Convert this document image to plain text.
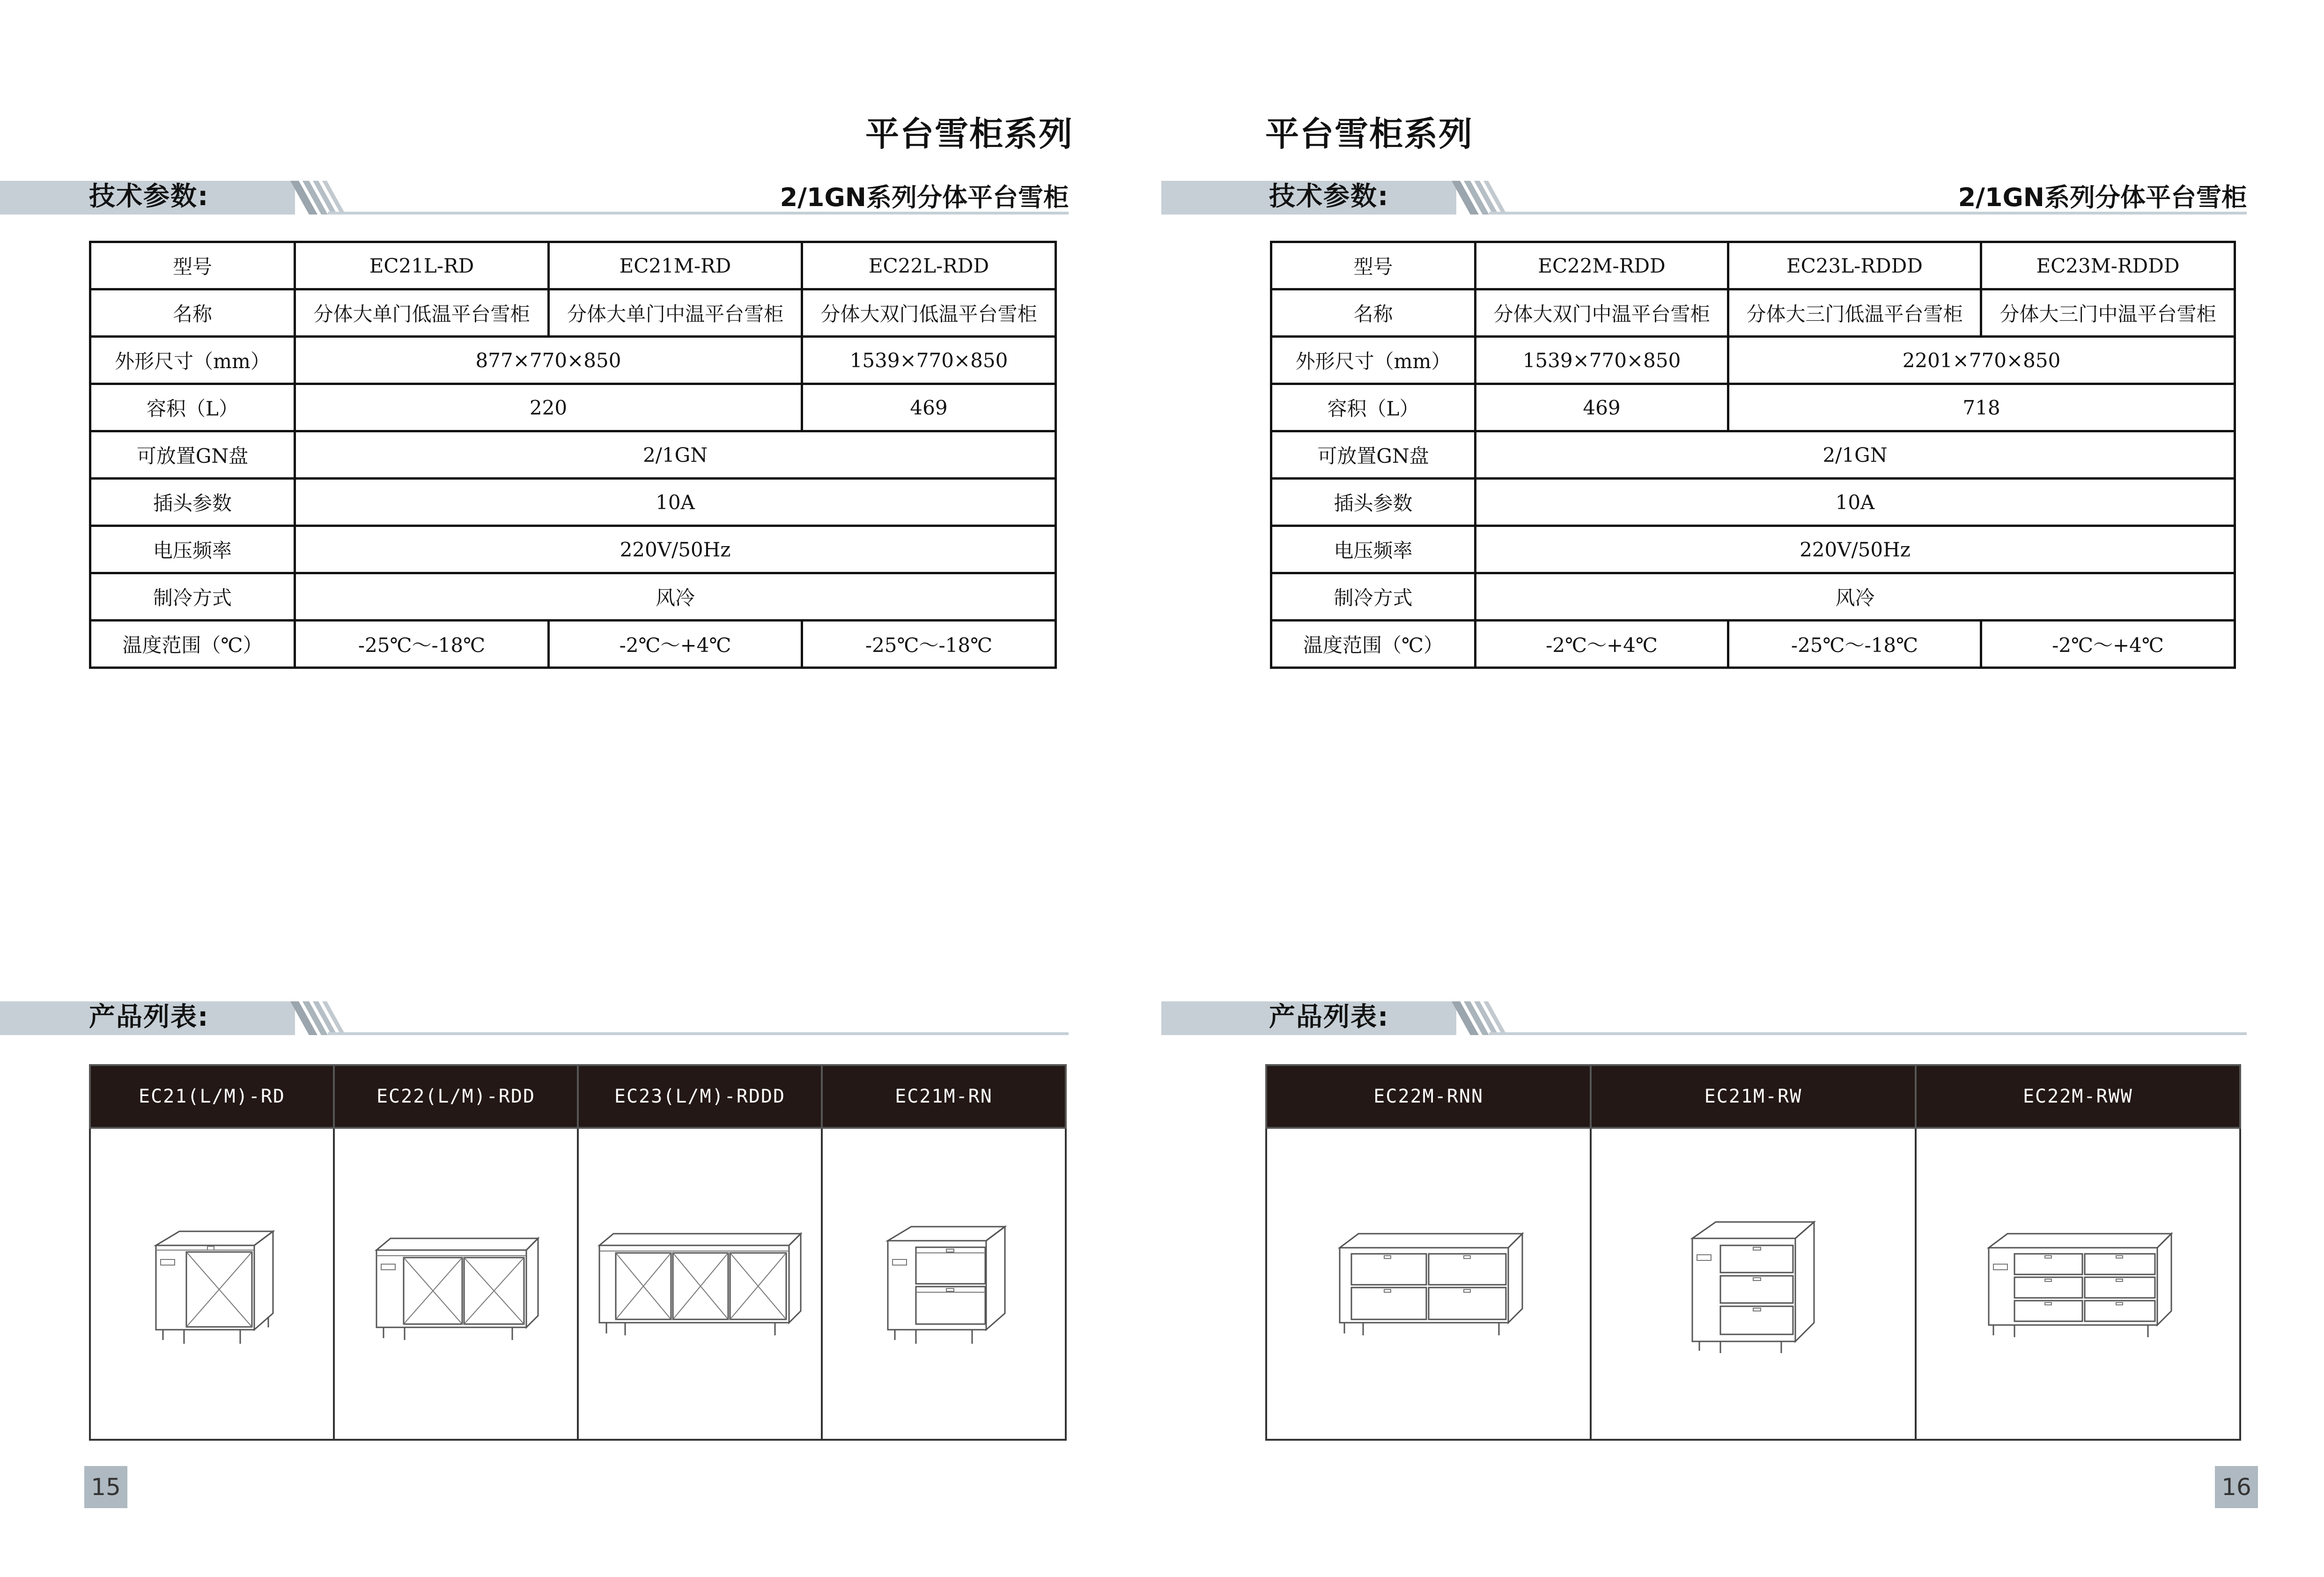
平台雪柜系列
技术参数:	2/1GN系列分体平台雪柜
型号	EC21L-RD	EC21M-RD	EC22L-RDD
名称	分体大单门低温平台雪柜	分体大单门中温平台雪柜	分体大双门低温平台雪柜
外形尺寸（mm）	877×770×850		1539×770×850
容积（L）	220		469
可放置GN盘	2/1GN		
插头参数	10A		
电压频率	220V/50Hz		
制冷方式	风冷		
温度范围（℃）	-25℃～-18℃	-2℃～+4℃	-25℃～-18℃
产品列表:
EC21(L/M)-RD	EC22(L/M)-RDD	EC23(L/M)-RDDD	EC21M-RN

15
平台雪柜系列
技术参数:	2/1GN系列分体平台雪柜
型号	EC22M-RDD	EC23L-RDDD	EC23M-RDDD
名称	分体大双门中温平台雪柜	分体大三门低温平台雪柜	分体大三门中温平台雪柜
外形尺寸（mm）	1539×770×850	2201×770×850	
容积（L）	469	718	
可放置GN盘	2/1GN		
插头参数	10A		
电压频率	220V/50Hz		
制冷方式	风冷		
温度范围（℃）	-2℃～+4℃	-25℃～-18℃	-2℃～+4℃
产品列表:
EC22M-RNN	EC21M-RW	EC22M-RWW

16
